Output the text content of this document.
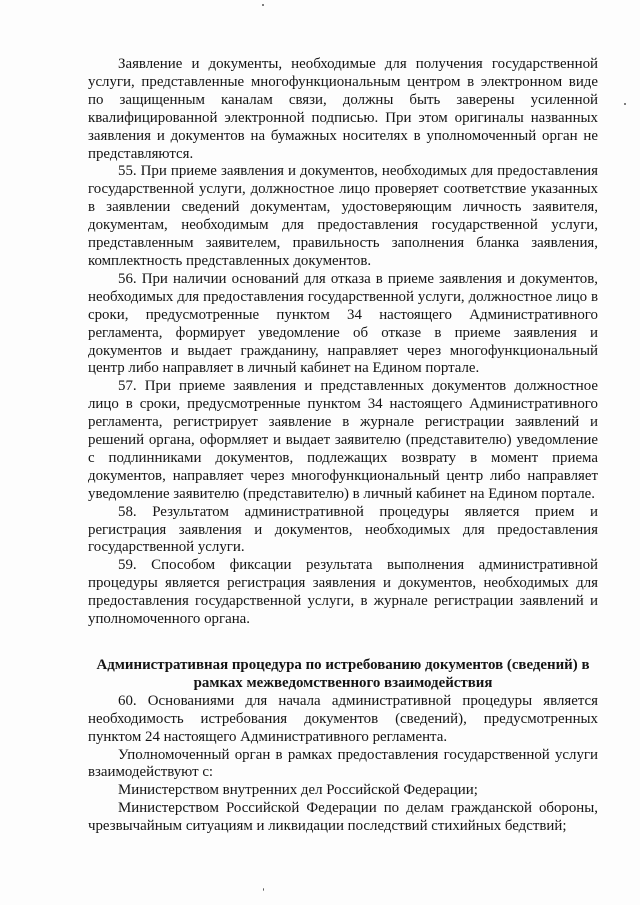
Заявление и документы, необходимые для получения государственной услуги, представленные многофункциональным центром в электронном виде по защищенным каналам связи, должны быть заверены усиленной квалифицированной электронной подписью. При этом оригиналы названных заявления и документов на бумажных носителях в уполномоченный орган не представляются.

55. При приеме заявления и документов, необходимых для предоставления государственной услуги, должностное лицо проверяет соответствие указанных в заявлении сведений документам, удостоверяющим личность заявителя, документам, необходимым для предоставления государственной услуги, представленным заявителем, правильность заполнения бланка заявления, комплектность представленных документов.

56. При наличии оснований для отказа в приеме заявления и документов, необходимых для предоставления государственной услуги, должностное лицо в сроки, предусмотренные пунктом 34 настоящего Административного регламента, формирует уведомление об отказе в приеме заявления и документов и выдает гражданину, направляет через многофункциональный центр либо направляет в личный кабинет на Едином портале.

57. При приеме заявления и представленных документов должностное лицо в сроки, предусмотренные пунктом 34 настоящего Административного регламента, регистрирует заявление в журнале регистрации заявлений и решений органа, оформляет и выдает заявителю (представителю) уведомление с подлинниками документов, подлежащих возврату в момент приема документов, направляет через многофункциональный центр либо направляет уведомление заявителю (представителю) в личный кабинет на Едином портале.

58. Результатом административной процедуры является прием и регистрация заявления и документов, необходимых для предоставления государственной услуги.

59. Способом фиксации результата выполнения административной процедуры является регистрация заявления и документов, необходимых для предоставления государственной услуги, в журнале регистрации заявлений и уполномоченного органа.

Административная процедура по истребованию документов (сведений) в рамках межведомственного взаимодействия

60. Основаниями для начала административной процедуры является необходимость истребования документов (сведений), предусмотренных пунктом 24 настоящего Административного регламента.

Уполномоченный орган в рамках предоставления государственной услуги взаимодействуют с:

Министерством внутренних дел Российской Федерации;

Министерством Российской Федерации по делам гражданской обороны, чрезвычайным ситуациям и ликвидации последствий стихийных бедствий;
